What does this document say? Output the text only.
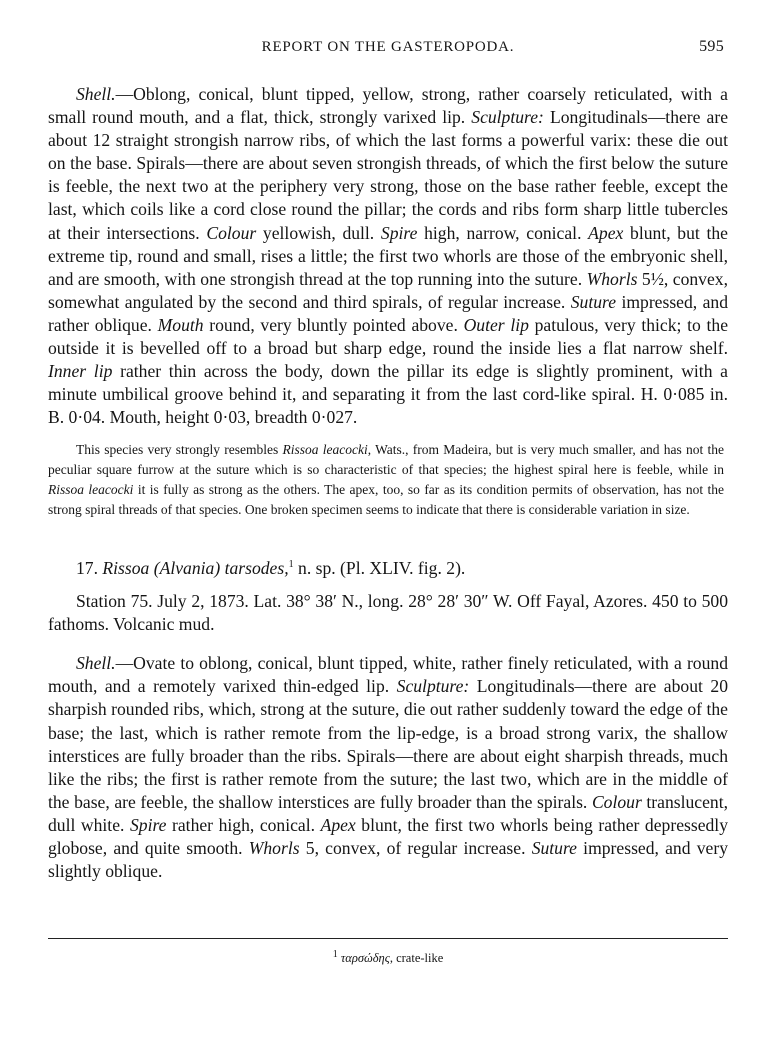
REPORT ON THE GASTEROPODA.	595

Shell.—Oblong, conical, blunt tipped, yellow, strong, rather coarsely reticulated, with a small round mouth, and a flat, thick, strongly varixed lip. Sculpture: Longitudinals—there are about 12 straight strongish narrow ribs, of which the last forms a powerful varix: these die out on the base. Spirals—there are about seven strongish threads, of which the first below the suture is feeble, the next two at the periphery very strong, those on the base rather feeble, except the last, which coils like a cord close round the pillar; the cords and ribs form sharp little tubercles at their intersections. Colour yellowish, dull. Spire high, narrow, conical. Apex blunt, but the extreme tip, round and small, rises a little; the first two whorls are those of the embryonic shell, and are smooth, with one strongish thread at the top running into the suture. Whorls 5½, convex, somewhat angulated by the second and third spirals, of regular increase. Suture impressed, and rather oblique. Mouth round, very bluntly pointed above. Outer lip patulous, very thick; to the outside it is bevelled off to a broad but sharp edge, round the inside lies a flat narrow shelf. Inner lip rather thin across the body, down the pillar its edge is slightly prominent, with a minute umbilical groove behind it, and separating it from the last cord-like spiral. H. 0·085 in. B. 0·04. Mouth, height 0·03, breadth 0·027.

This species very strongly resembles Rissoa leacocki, Wats., from Madeira, but is very much smaller, and has not the peculiar square furrow at the suture which is so characteristic of that species; the highest spiral here is feeble, while in Rissoa leacocki it is fully as strong as the others. The apex, too, so far as its condition permits of observation, has not the strong spiral threads of that species. One broken specimen seems to indicate that there is considerable variation in size.

17. Rissoa (Alvania) tarsodes,$^1$ n. sp. (Pl. XLIV. fig. 2).

Station 75. July 2, 1873. Lat. 38° 38′ N., long. 28° 28′ 30″ W. Off Fayal, Azores. 450 to 500 fathoms. Volcanic mud.

Shell.—Ovate to oblong, conical, blunt tipped, white, rather finely reticulated, with a round mouth, and a remotely varixed thin-edged lip. Sculpture: Longitudinals—there are about 20 sharpish rounded ribs, which, strong at the suture, die out rather suddenly toward the edge of the base; the last, which is rather remote from the lip-edge, is a broad strong varix, the shallow interstices are fully broader than the ribs. Spirals—there are about eight sharpish threads, much like the ribs; the first is rather remote from the suture; the last two, which are in the middle of the base, are feeble, the shallow interstices are fully broader than the spirals. Colour translucent, dull white. Spire rather high, conical. Apex blunt, the first two whorls being rather depressedly globose, and quite smooth. Whorls 5, convex, of regular increase. Suture impressed, and very slightly oblique.

$^1$ ταρσώδης, crate-like
